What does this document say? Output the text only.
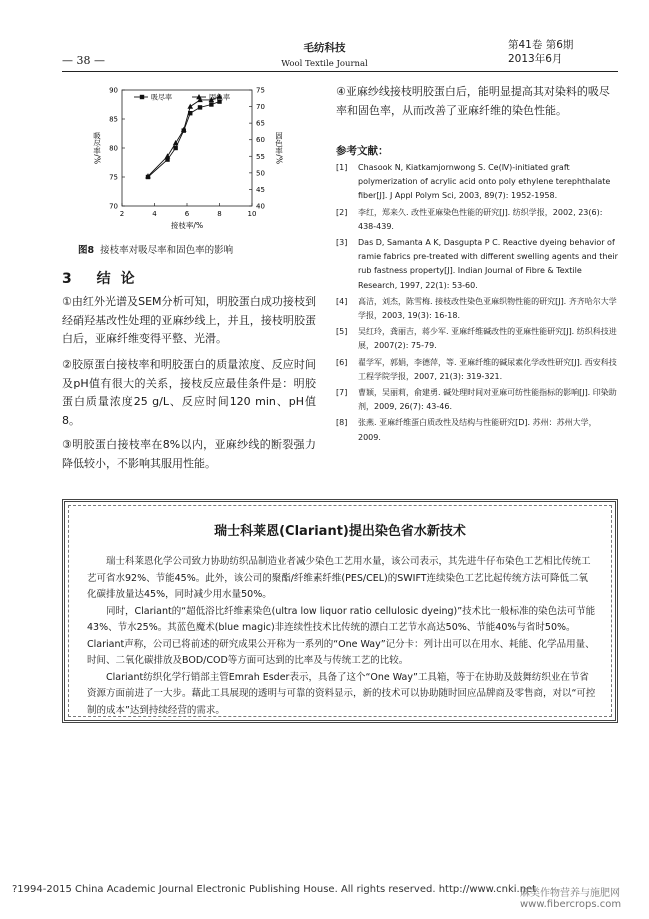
— 38 —
毛纺科技
Wool Textile Journal
第41卷 第6期
2013年6月
2	4	6	8	10
70
75
80
85
90
40
45
50
55
60
65
70
75
接枝率/%
吸尽率/%	固色率/%
吸尽率	固色率
图8 接枝率对吸尽率和固色率的影响
3 结论
①由红外光谱及SEM分析可知，明胶蛋白成功接枝到经硝羟基改性处理的亚麻纱线上，并且，接枝明胶蛋白后，亚麻纤维变得平整、光滑。
②胶原蛋白接枝率和明胶蛋白的质量浓度、反应时间及pH值有很大的关系，接枝反应最佳条件是：明胶蛋白质量浓度25 g/L、反应时间120 min、pH值8。
③明胶蛋白接枝率在8%以内，亚麻纱线的断裂强力降低较小，不影响其服用性能。
④亚麻纱线接枝明胶蛋白后，能明显提高其对染料的吸尽率和固色率，从而改善了亚麻纤维的染色性能。
参考文献：
[1]	Chasook N, Kiatkamjornwong S. Ce(Ⅳ)-initiated graft polymerization of acrylic acid onto poly ethylene terephthalate fiber[J]. J Appl Polym Sci, 2003, 89(7): 1952-1958.
[2]	李红，郑来久. 改性亚麻染色性能的研究[J]. 纺织学报，2002, 23(6): 438-439.
[3]	Das D, Samanta A K, Dasgupta P C. Reactive dyeing behavior of ramie fabrics pre-treated with different swelling agents and their rub fastness property[J]. Indian Journal of Fibre & Textile Research, 1997, 22(1): 53-60.
[4]	高洁，刘杰，陈雪梅. 接枝改性染色亚麻织物性能的研究[J]. 齐齐哈尔大学学报，2003, 19(3): 16-18.
[5]	吴红玲，龚丽吉，蒋少军. 亚麻纤维碱改性的亚麻性能研究[J]. 纺织科技进展，2007(2): 75-79.
[6]	翟学军，郭娟，李德萍，等. 亚麻纤维的碱尿素化学改性研究[J]. 西安科技工程学院学报，2007, 21(3): 319-321.
[7]	曹颖，吴丽莉，俞建勇. 碱处理时间对亚麻可纺性能指标的影响[J]. 印染助剂，2009, 26(7): 43-46.
[8]	张燕. 亚麻纤维蛋白质改性及结构与性能研究[D]. 苏州：苏州大学，2009.
瑞士科莱恩(Clariant)提出染色省水新技术

瑞士科莱恩化学公司致力协助纺织品制造业者减少染色工艺用水量，该公司表示，其先进牛仔布染色工艺相比传统工艺可省水92%、节能45%。此外，该公司的聚酯/纤维素纤维(PES/CEL)的SWIFT连续染色工艺比起传统方法可降低二氧化碳排放量达45%，同时减少用水量50%。

同时，Clariant的“超低浴比纤维素染色(ultra low liquor ratio cellulosic dyeing)”技术比一般标准的染色法可节能43%、节水25%。其蓝色魔术(blue magic)非连续性技术比传统的漂白工艺节水高达50%、节能40%与省时50%。Clariant声称，公司已将前述的研究成果公开称为一系列的“One Way”记分卡：列计出可以在用水、耗能、化学品用量、时间、二氧化碳排放及BOD/COD等方面可达到的比率及与传统工艺的比较。

Clariant纺织化学行销部主管Emrah Esder表示，具备了这个“One Way”工具箱，等于在协助及鼓舞纺织业在节省资源方面前进了一大步。藉此工具展现的透明与可靠的资料显示，新的技术可以协助随时回应品牌商及零售商，对以“可控制的成本”达到持续经营的需求。

?1994-2015 China Academic Journal Electronic Publishing House. All rights reserved. http://www.cnki.net
麻类作物营养与施肥网 www.fibercrops.com
